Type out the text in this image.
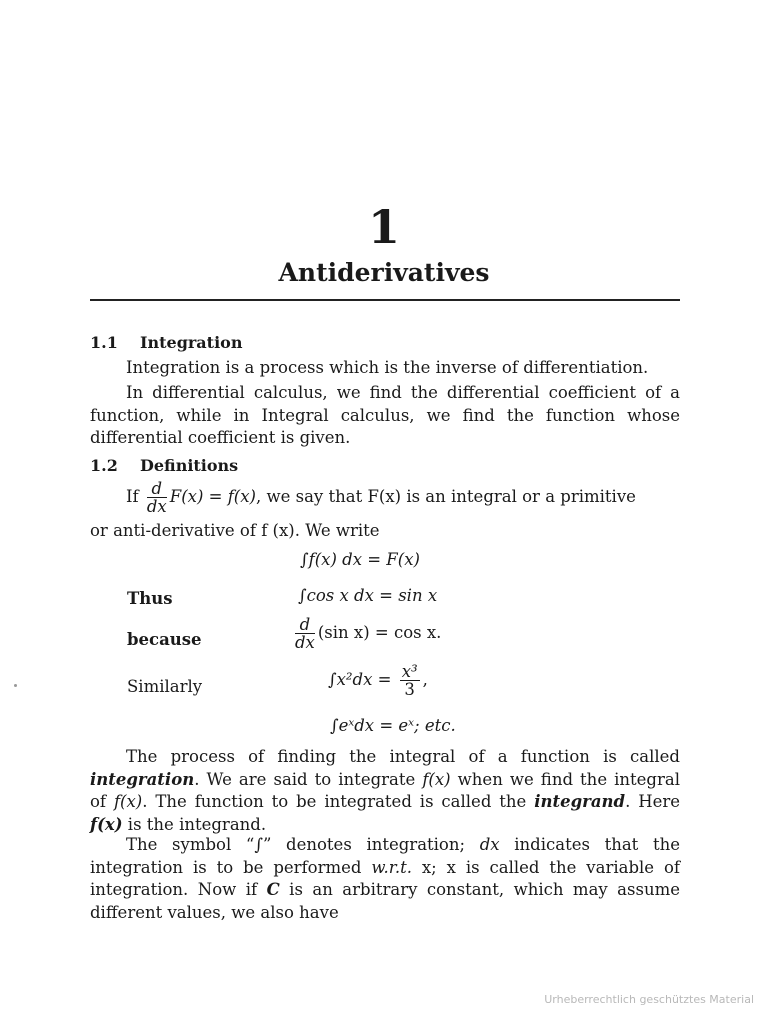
1
Antiderivatives
1.1 Integration
Integration is a process which is the inverse of differentiation.
In differential calculus, we find the differential coefficient of a function, while in Integral calculus, we find the function whose differential coefficient is given.
1.2 Definitions
If $\frac{d}{dx} F(x) = f(x)$, we say that F(x) is an integral or a primitive
or anti-derivative of f (x). We write
∫f(x) dx = F(x)
Thus	∫cos x dx = sin x
because	$\frac{d}{dx} (\sin$ x) = cos x.
Similarly	$\int x^2dx = \frac{\text{x³}}{3}$ ,
∫eˣdx = eˣ; etc.
The process of finding the integral of a function is called integration. We are said to integrate f(x) when we find the integral of f(x). The function to be integrated is called the integrand. Here f(x) is the integrand.
The symbol “∫” denotes integration; dx indicates that the integration is to be performed w.r.t. x; x is called the variable of integration. Now if C is an arbitrary constant, which may assume different values, we also have
Urheberrechtlich geschütztes Material
